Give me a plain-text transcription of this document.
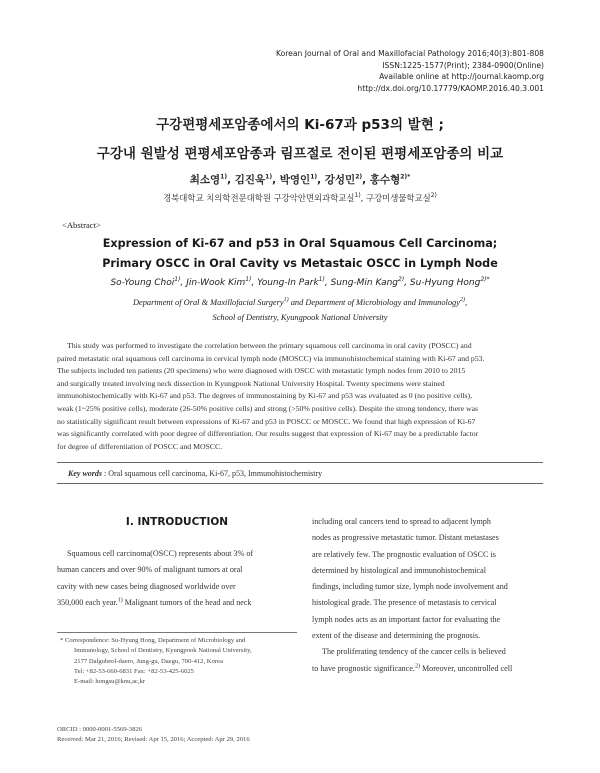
Korean Journal of Oral and Maxillofacial Pathology 2016;40(3):801-808
ISSN:1225-1577(Print); 2384-0900(Online)
Available online at http://journal.kaomp.org
http://dx.doi.org/10.17779/KAOMP.2016.40.3.001
구강편평세포암종에서의 Ki-67과 p53의 발현 ;
구강내 원발성 편평세포암종과 림프절로 전이된 편평세포암종의 비교
최소영$^{1)}$, 김진욱$^{1)}$, 박영인$^{1)}$, 강성민$^{2)}$, 홍수형$^{2)*}$
경북대학교 치의학전문대학원 구강악안면외과학교실$^{1)}$, 구강미생물학교실$^{2)}$
<Abstract>
Expression of Ki-67 and p53 in Oral Squamous Cell Carcinoma;
Primary OSCC in Oral Cavity vs Metastaic OSCC in Lymph Node
So-Young Choi$^{1)}$, Jin-Wook Kim$^{1)}$, Young-In Park$^{1)}$, Sung-Min Kang$^{2)}$, Su-Hyung Hong$^{2)*}$
Department of Oral & Maxillofacial Surgery$^{1)}$ and Department of Microbiology and Immunology$^{2)}$,
School of Dentistry, Kyungpook National University
This study was performed to investigate the correlation between the primary squamous cell carcinoma in oral cavity (POSCC) and
paired metastatic oral squamous cell carcinoma in cervical lymph node (MOSCC) via immunohistochemical staining with Ki-67 and p53.
The subjects included ten patients (20 specimens) who were diagnosed with OSCC with metastatic lymph nodes from 2010 to 2015
and surgically treated involving neck dissection in Kyungpook National University Hospital. Twenty specimens were stained
immunohistochemically with Ki-67 and p53. The degrees of immunostaining by Ki-67 and p53 was evaluated as 0 (no positive cells),
weak (1~25% positive cells), moderate (26-50% positive cells) and strong (>50% positive cells). Despite the strong tendency, there was
no statistically significant result between expressions of Ki-67 and p53 in POSCC or MOSCC. We found that high expression of Ki-67
was significantly correlated with poor degree of differentiation. Our results suggest that expression of Ki-67 may be a predictable factor
for degree of differentiation of POSCC and MOSCC.
Key words : Oral squamous cell carcinoma, Ki-67, p53, Immunohistochemistry
Ⅰ. INTRODUCTION
Squamous cell carcinoma(OSCC) represents about 3% of
human cancers and over 90% of malignant tumors at oral
cavity with new cases being diagnosed worldwide over
350,000 each year.$^{1)}$ Malignant tumors of the head and neck
* Correspondence: Su-Hyung Hong, Department of Microbiology and
Immunology, School of Dentistry, Kyungpook National University,
2177 Dalgubeol-daero, Jung-gu, Daegu, 700-412, Korea
Tel: +82-53-660-6831 Fax: +82-53-425-6025
E-mail: hongsu@knu,ac,kr
ORCID : 0000-0001-5569-3826
Received: Mar 21, 2016; Revised: Apr 15, 2016; Accepted: Apr 29, 2016
including oral cancers tend to spread to adjacent lymph
nodes as progressive metastatic tumor. Distant metastases
are relatively few. The prognostic evaluation of OSCC is
determined by histological and immunohistochemical
findings, including tumor size, lymph node involvement and
histological grade. The presence of metastasis to cervical
lymph nodes acts as an important factor for evaluating the
extent of the disease and determining the prognosis.
The proliferating tendency of the cancer cells is believed
to have prognostic significance.$^{2)}$ Moreover, uncontrolled cell
